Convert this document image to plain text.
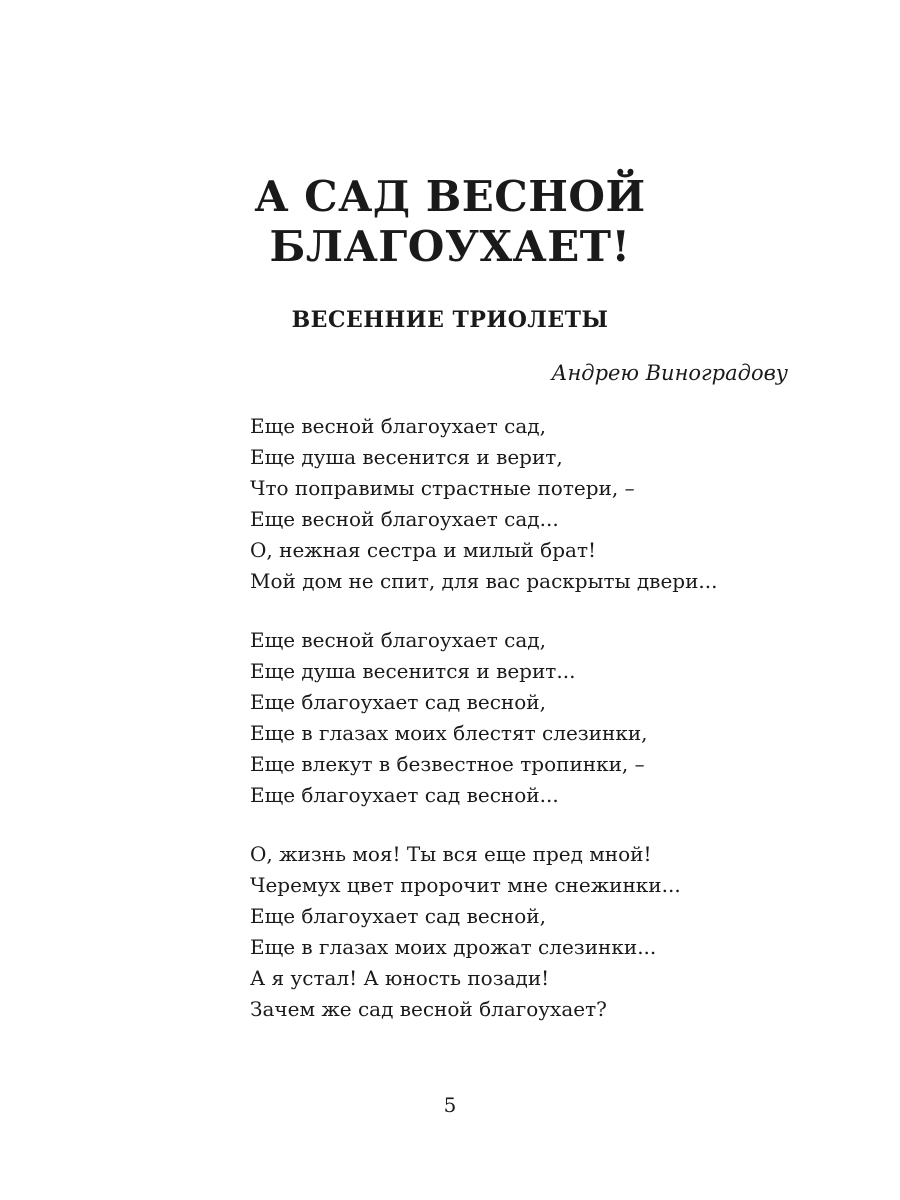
А САД ВЕСНОЙ
БЛАГОУХАЕТ!
ВЕСЕННИЕ ТРИОЛЕТЫ
Андрею Виноградову
Еще весной благоухает сад,
Еще душа весенится и верит,
Что поправимы страстные потери, –
Еще весной благоухает сад...
О, нежная сестра и милый брат!
Мой дом не спит, для вас раскрыты двери...
Еще весной благоухает сад,
Еще душа весенится и верит...
Еще благоухает сад весной,
Еще в глазах моих блестят слезинки,
Еще влекут в безвестное тропинки, –
Еще благоухает сад весной...
О, жизнь моя! Ты вся еще пред мной!
Черемух цвет пророчит мне снежинки...
Еще благоухает сад весной,
Еще в глазах моих дрожат слезинки...
А я устал! А юность позади!
Зачем же сад весной благоухает?
5
